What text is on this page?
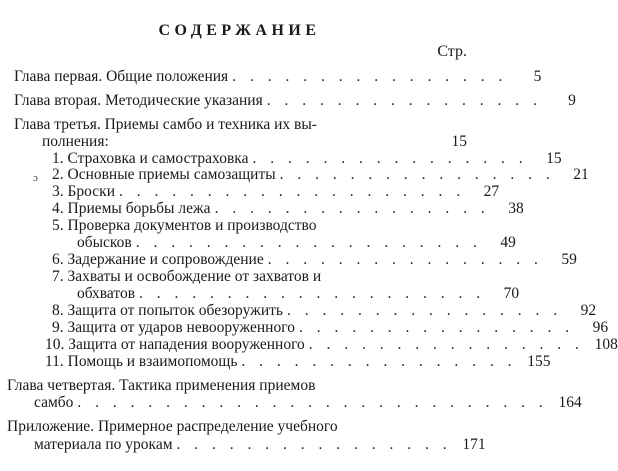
СОДЕРЖАНИЕ
Стр.
Глава первая. Общие положения . . . . . . . . . . . . . . . .	5
Глава вторая. Методические указания . . . . . . . . . . . . . . . .	9
Глава третья. Приемы самбо и техника их вы-
полнения:	15
1. Страховка и самостраховка . . . . . . . . . . . . . . . .	15
2. Основные приемы самозащиты . . . . . . . . . . . . . . . .	21
ɔ
3. Броски . . . . . . . . . . . . . . . . . . . .	27
4. Приемы борьбы лежа . . . . . . . . . . . . . . . .	38
5. Проверка документов и производство
обысков . . . . . . . . . . . . . . . . . . . .	49
6. Задержание и сопровождение . . . . . . . . . . . . . . . .	59
7. Захваты и освобождение от захватов и
обхватов . . . . . . . . . . . . . . . . . . . .	70
8. Защита от попыток обезоружить . . . . . . . . . . . . . . . .	92
9. Защита от ударов невооруженного . . . . . . . . . . . . . . . .	96
10. Защита от нападения вооруженного . . . . . . . . . . . . . . . . 108
11. Помощь и взаимопомощь . . . . . . . . . . . . . . . . 155
Глава четвертая. Тактика применения приемов
самбо . . . . . . . . . . . . . . . . . . . . . . . . . . . 164
Приложение. Примерное распределение учебного
материала по урокам . . . . . . . . . . . . . . . . 171
